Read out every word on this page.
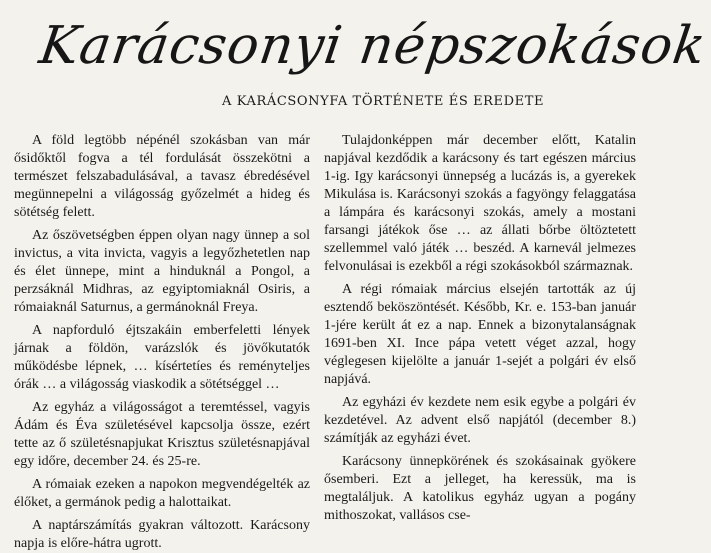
Karácsonyi népszokások
A KARÁCSONYFA TÖRTÉNETE ÉS EREDETE

A föld legtöbb népénél szokásban van már ősidőktől fogva a tél fordulását összekötni a természet felszabadulásával, a tavasz ébredésével megünnepelni a világosság győzelmét a hideg és sötétség felett.

Az őszövetségben éppen olyan nagy ünnep a sol invictus, a vita invicta, vagyis a legyőzhetetlen nap és élet ünnepe, mint a hinduknál a Pongol, a perzsáknál Midhras, az egyiptomiaknál Osiris, a rómaiaknál Saturnus, a germánoknál Freya.

A napforduló éjtszakáin emberfeletti lények járnak a földön, varázslók és jövőkutatók működésbe lépnek, … kísértetíes és reményteljes órák … a világosság viaskodik a sötétséggel …

Az egyház a világosságot a teremtéssel, vagyis Ádám és Éva születésével kapcsolja össze, ezért tette az ő születésnapjukat Krisztus születésnapjával egy időre, december 24. és 25-re.

A rómaiak ezeken a napokon megvendégelték az élőket, a germánok pedig a halottaikat.

A naptárszámítás gyakran változott. Karácsony napja is előre-hátra ugrott.

Tulajdonképpen már december előtt, Katalin napjával kezdődik a karácsony és tart egészen március 1-ig. Igy karácsonyi ünnepség a lucázás is, a gyerekek Mikulása is. Karácsonyi szokás a fagyöngy felaggatása a lámpára és karácsonyi szokás, amely a mostani farsangi játékok őse … az állati bőrbe öltöztetett szellemmel való játék … beszéd. A karnevál jelmezes felvonulásai is ezekből a régi szokásokból származnak.

A régi rómaiak március elsején tartották az új esztendő beköszöntését. Később, Kr. e. 153-ban január 1-jére került át ez a nap. Ennek a bizonytalanságnak 1691-ben XI. Ince pápa vetett véget azzal, hogy véglegesen kijelölte a január 1-sejét a polgári év első napjává.

Az egyházi év kezdete nem esik egybe a polgári év kezdetével. Az advent első napjától (december 8.) számítják az egyházi évet.

Karácsony ünnepkörének és szokásainak gyökere ősemberi. Ezt a jelleget, ha keressük, ma is megtaláljuk. A katolikus egyház ugyan a pogány mithoszokat, vallásos cse-
